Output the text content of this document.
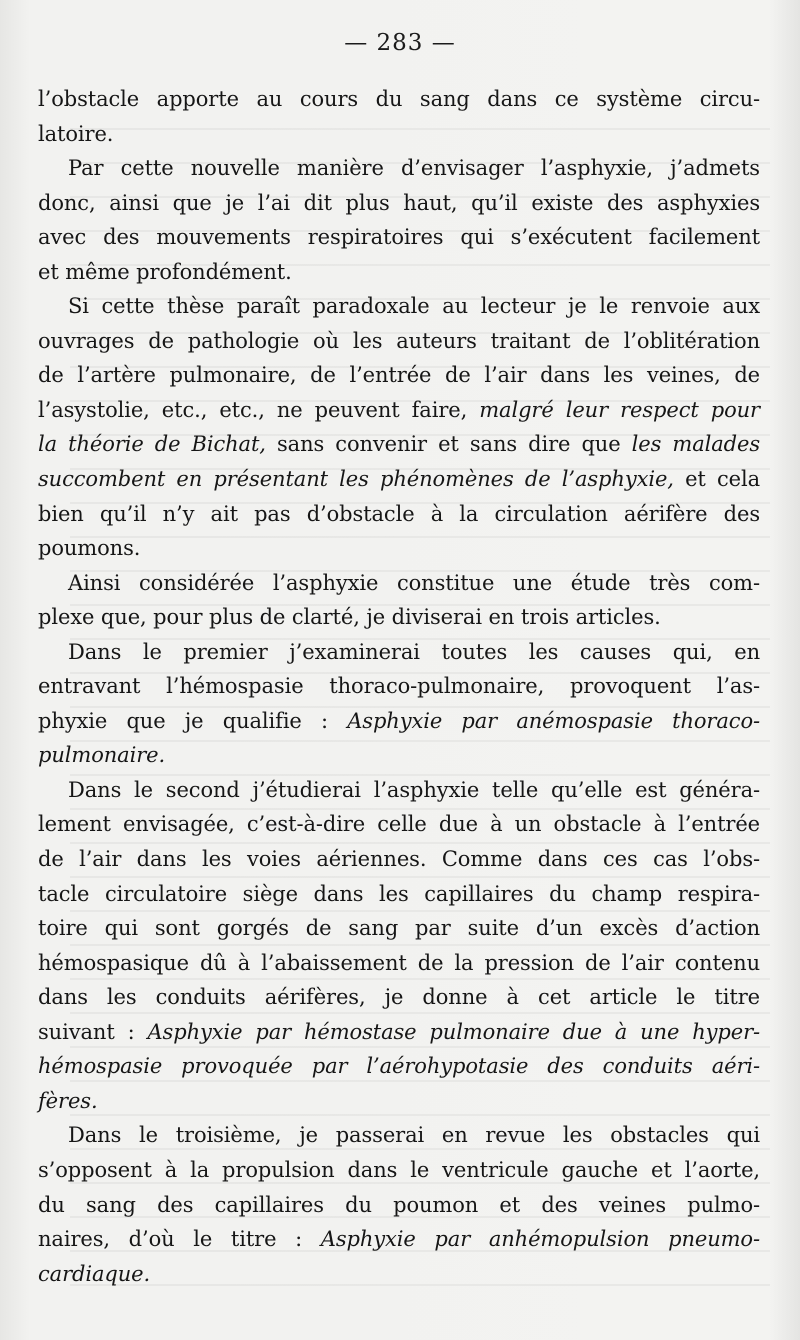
— 283 —
l’obstacle apporte au cours du sang dans ce système circu-
latoire.
Par cette nouvelle manière d’envisager l’asphyxie, j’admets
donc, ainsi que je l’ai dit plus haut, qu’il existe des asphyxies
avec des mouvements respiratoires qui s’exécutent facilement
et même profondément.
Si cette thèse paraît paradoxale au lecteur je le renvoie aux
ouvrages de pathologie où les auteurs traitant de l’oblitération
de l’artère pulmonaire, de l’entrée de l’air dans les veines, de
l’asystolie, etc., etc., ne peuvent faire, malgré leur respect pour
la théorie de Bichat, sans convenir et sans dire que les malades
succombent en présentant les phénomènes de l’asphyxie, et cela
bien qu’il n’y ait pas d’obstacle à la circulation aérifère des
poumons.
Ainsi considérée l’asphyxie constitue une étude très com-
plexe que, pour plus de clarté, je diviserai en trois articles.
Dans le premier j’examinerai toutes les causes qui, en
entravant l’hémospasie thoraco-pulmonaire, provoquent l’as-
phyxie que je qualifie : Asphyxie par anémospasie thoraco-
pulmonaire.
Dans le second j’étudierai l’asphyxie telle qu’elle est généra-
lement envisagée, c’est-à-dire celle due à un obstacle à l’entrée
de l’air dans les voies aériennes. Comme dans ces cas l’obs-
tacle circulatoire siège dans les capillaires du champ respira-
toire qui sont gorgés de sang par suite d’un excès d’action
hémospasique dû à l’abaissement de la pression de l’air contenu
dans les conduits aérifères, je donne à cet article le titre
suivant : Asphyxie par hémostase pulmonaire due à une hyper-
hémospasie provoquée par l’aérohypotasie des conduits aéri-
fères.
Dans le troisième, je passerai en revue les obstacles qui
s’opposent à la propulsion dans le ventricule gauche et l’aorte,
du sang des capillaires du poumon et des veines pulmo-
naires, d’où le titre : Asphyxie par anhémopulsion pneumo-
cardiaque.
